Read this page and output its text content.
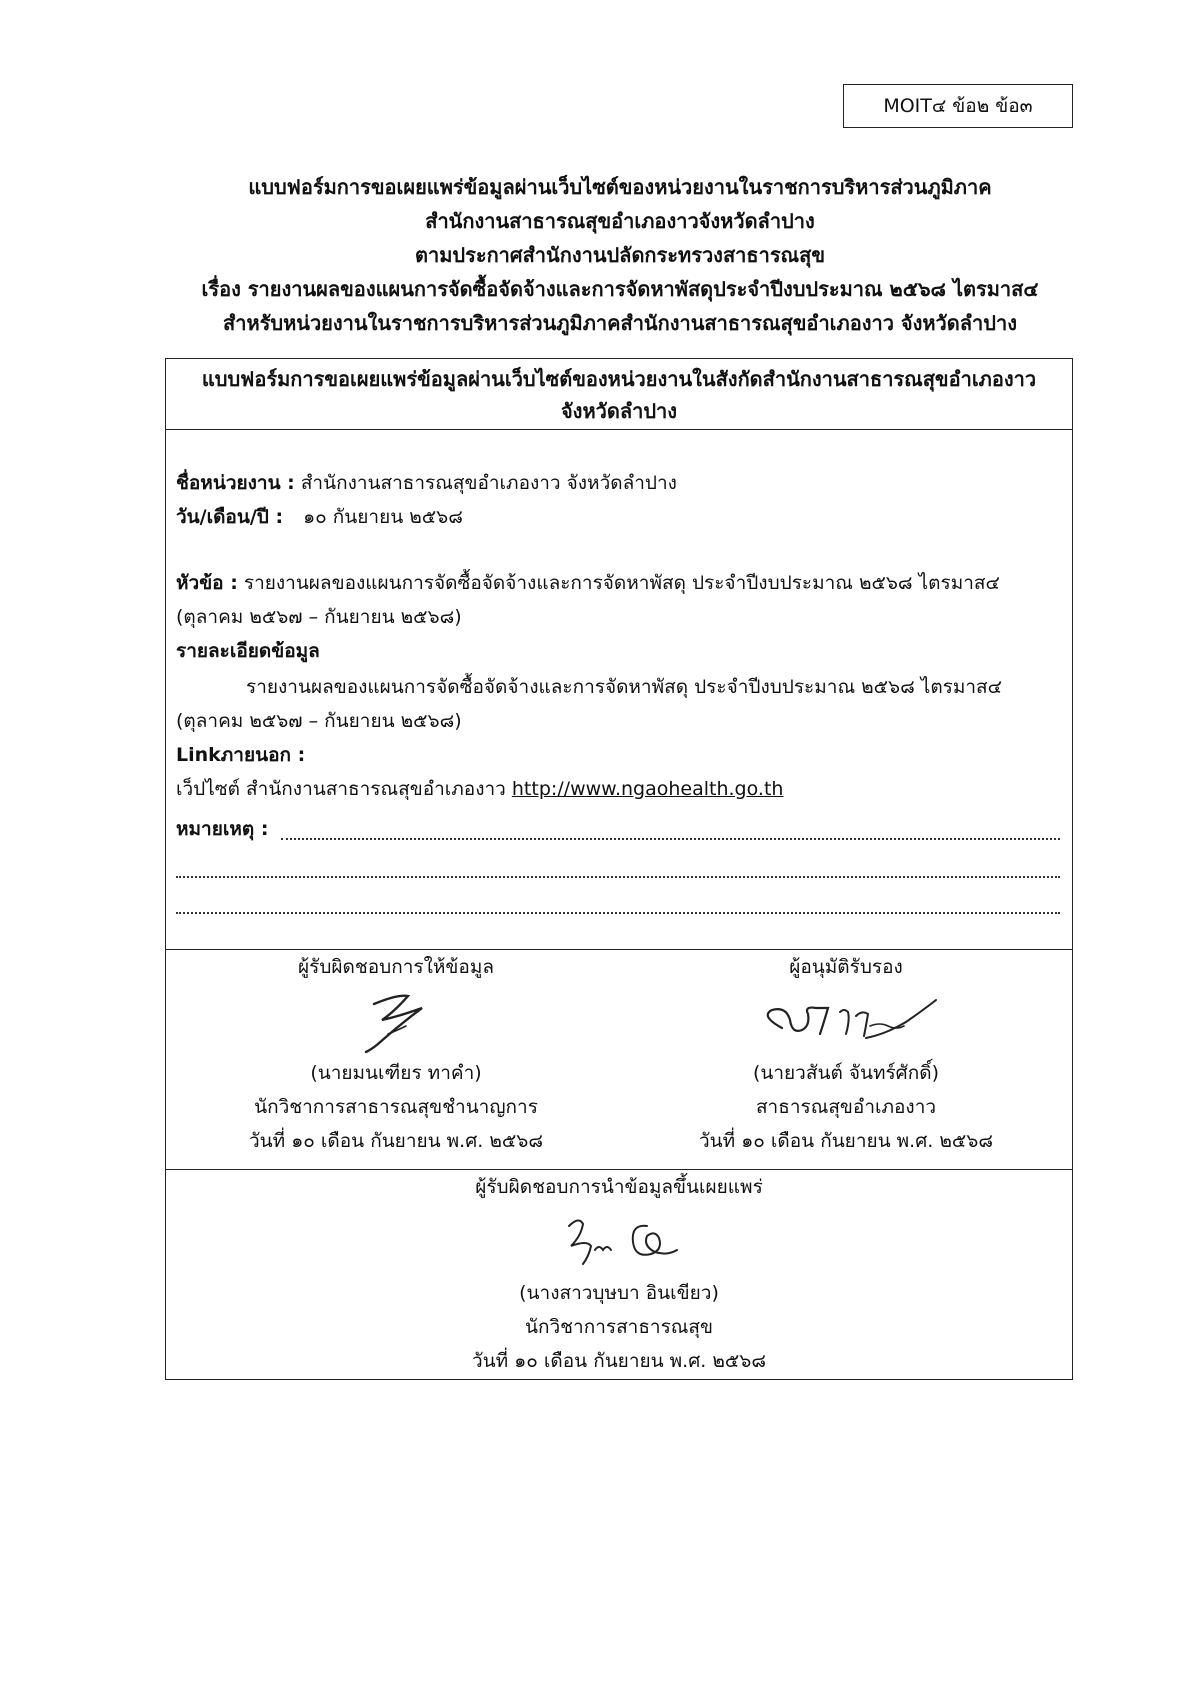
MOIT๔ ข้อ๒ ข้อ๓
แบบฟอร์มการขอเผยแพร่ข้อมูลผ่านเว็บไซต์ของหน่วยงานในราชการบริหารส่วนภูมิภาค
สำนักงานสาธารณสุขอำเภองาวจังหวัดลำปาง
ตามประกาศสำนักงานปลัดกระทรวงสาธารณสุข
เรื่อง รายงานผลของแผนการจัดซื้อจัดจ้างและการจัดหาพัสดุประจำปีงบประมาณ ๒๕๖๘ ไตรมาส๔
สำหรับหน่วยงานในราชการบริหารส่วนภูมิภาคสำนักงานสาธารณสุขอำเภองาว จังหวัดลำปาง
แบบฟอร์มการขอเผยแพร่ข้อมูลผ่านเว็บไซต์ของหน่วยงานในสังกัดสำนักงานสาธารณสุขอำเภองาว
จังหวัดลำปาง
ชื่อหน่วยงาน : สำนักงานสาธารณสุขอำเภองาว จังหวัดลำปาง
วัน/เดือน/ปี : ๑๐ กันยายน ๒๕๖๘
หัวข้อ : รายงานผลของแผนการจัดซื้อจัดจ้างและการจัดหาพัสดุ ประจำปีงบประมาณ ๒๕๖๘ ไตรมาส๔
(ตุลาคม ๒๕๖๗ – กันยายน ๒๕๖๘)
รายละเอียดข้อมูล
รายงานผลของแผนการจัดซื้อจัดจ้างและการจัดหาพัสดุ ประจำปีงบประมาณ ๒๕๖๘ ไตรมาส๔
(ตุลาคม ๒๕๖๗ – กันยายน ๒๕๖๘)
Linkภายนอก :
เว็ปไซต์ สำนักงานสาธารณสุขอำเภองาว http://www.ngaohealth.go.th
หมายเหตุ :
ผู้รับผิดชอบการให้ข้อมูล
(นายมนเฑียร ทาคำ)
นักวิชาการสาธารณสุขชำนาญการ
วันที่ ๑๐ เดือน กันยายน พ.ศ. ๒๕๖๘
ผู้อนุมัติรับรอง
(นายวสันต์ จันทร์ศักดิ์)
สาธารณสุขอำเภองาว
วันที่ ๑๐ เดือน กันยายน พ.ศ. ๒๕๖๘
ผู้รับผิดชอบการนำข้อมูลขึ้นเผยแพร่
(นางสาวบุษบา อินเขียว)
นักวิชาการสาธารณสุข
วันที่ ๑๐ เดือน กันยายน พ.ศ. ๒๕๖๘
